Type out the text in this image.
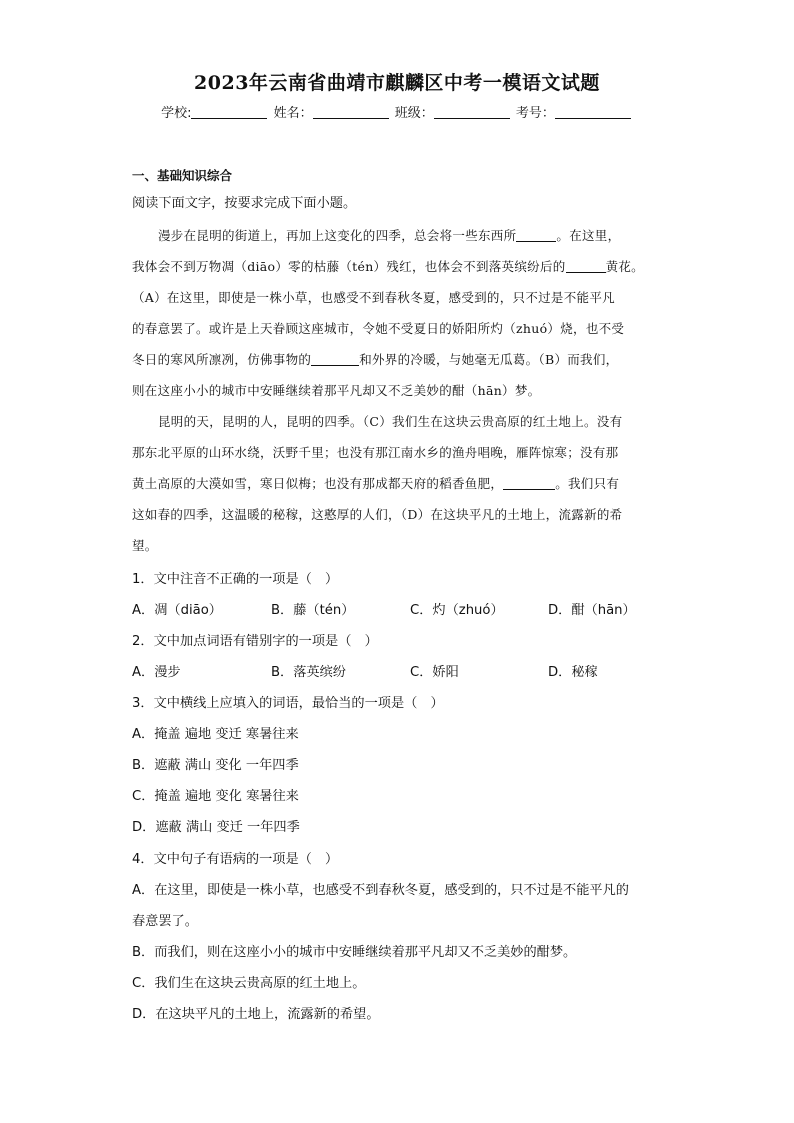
2023年云南省曲靖市麒麟区中考一模语文试题
学校:	姓名：	班级：	考号：
一、基础知识综合
阅读下面文字，按要求完成下面小题。
漫步在昆明的街道上，再加上这变化的四季，总会将一些东西所	。在这里，
我体会不到万物凋（diāo）零的枯藤（tén）残红，也体会不到落英缤纷后的	黄花。
（A）在这里，即使是一株小草，也感受不到春秋冬夏，感受到的，只不过是不能平凡
的春意罢了。或许是上天眷顾这座城市，令她不受夏日的娇阳所灼（zhuó）烧，也不受
冬日的寒风所凛冽，仿佛事物的	和外界的冷暖，与她毫无瓜葛。（B）而我们，
则在这座小小的城市中安睡继续着那平凡却又不乏美妙的酣（hān）梦。
昆明的天，昆明的人，昆明的四季。（C）我们生在这块云贵高原的红土地上。没有
那东北平原的山环水绕，沃野千里；也没有那江南水乡的渔舟唱晚，雁阵惊寒；没有那
黄土高原的大漠如雪，寒日似梅；也没有那成都天府的稻香鱼肥，	。我们只有
这如春的四季，这温暖的秘稼，这憨厚的人们，（D）在这块平凡的土地上，流露新的希
望。
1．文中注音不正确的一项是（　）
A．凋（diāo）	B．藤（tén）	C．灼（zhuó）	D．酣（hān）
2．文中加点词语有错别字的一项是（　）
A．漫步	B．落英缤纷	C．娇阳	D．秘稼
3．文中横线上应填入的词语，最恰当的一项是（　）
A．掩盖 遍地 变迁 寒暑往来
B．遮蔽 满山 变化 一年四季
C．掩盖 遍地 变化 寒暑往来
D．遮蔽 满山 变迁 一年四季
4．文中句子有语病的一项是（　）
A．在这里，即使是一株小草，也感受不到春秋冬夏，感受到的，只不过是不能平凡的
春意罢了。
B．而我们，则在这座小小的城市中安睡继续着那平凡却又不乏美妙的酣梦。
C．我们生在这块云贵高原的红土地上。
D．在这块平凡的土地上，流露新的希望。
